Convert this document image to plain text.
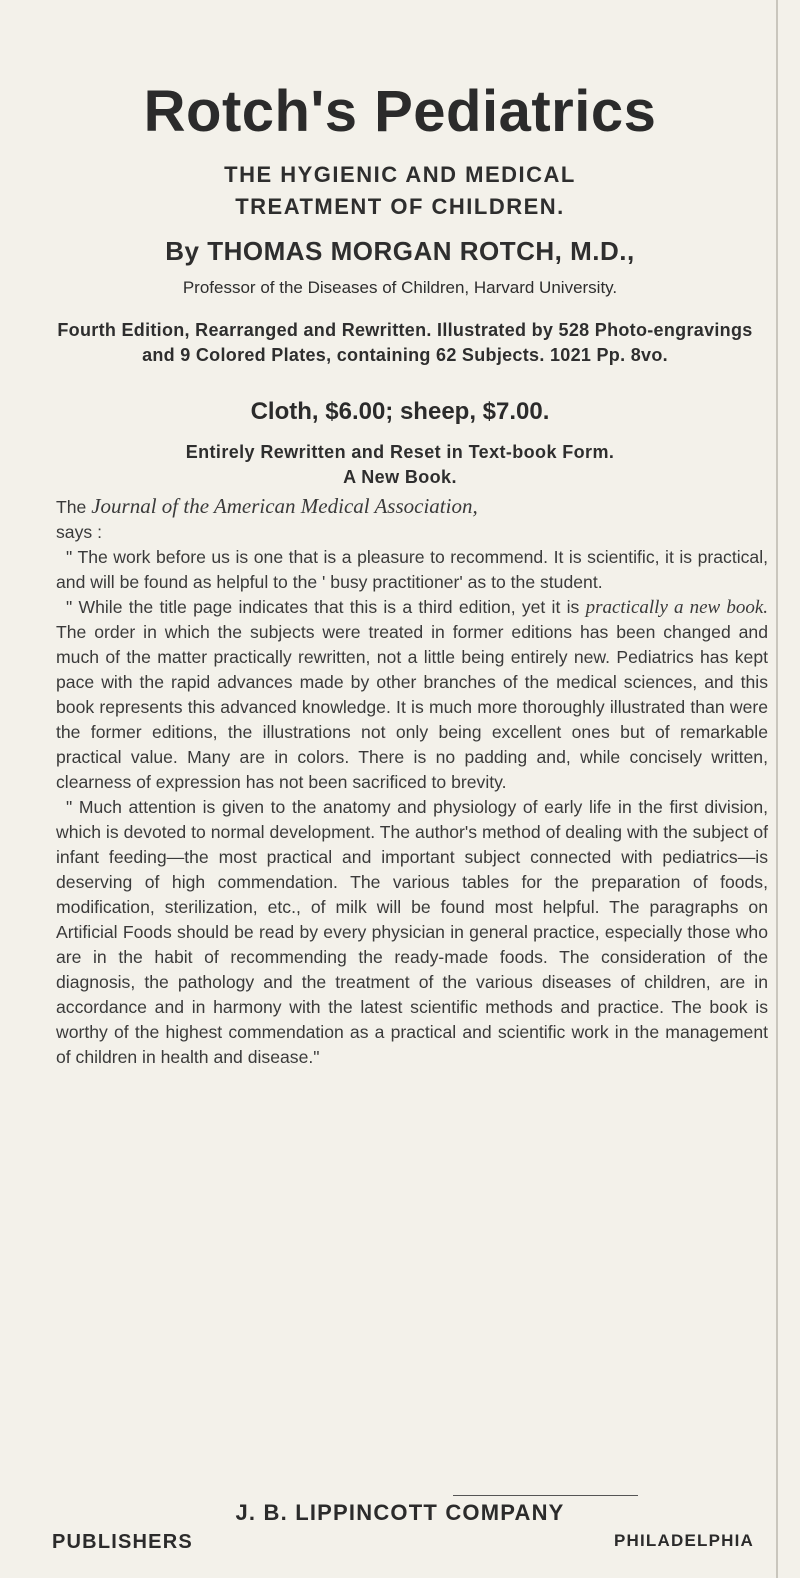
Rotch's Pediatrics
THE HYGIENIC AND MEDICAL
TREATMENT OF CHILDREN.
By THOMAS MORGAN ROTCH, M.D.,
Professor of the Diseases of Children, Harvard University.
Fourth Edition, Rearranged and Rewritten. Illustrated by 528 Photo-engravings and 9 Colored Plates, containing 62 Subjects. 1021 Pp. 8vo.
Cloth, $6.00; sheep, $7.00.
Entirely Rewritten and Reset in Text-book Form.
A New Book.

The Journal of the American Medical Association,

says :

" The work before us is one that is a pleasure to recommend. It is scientific, it is practical, and will be found as helpful to the ' busy practitioner' as to the student.

" While the title page indicates that this is a third edition, yet it is practically a new book. The order in which the subjects were treated in former editions has been changed and much of the matter practically rewritten, not a little being entirely new. Pediatrics has kept pace with the rapid advances made by other branches of the medical sciences, and this book represents this advanced knowledge. It is much more thoroughly illustrated than were the former editions, the illustrations not only being excellent ones but of remarkable practical value. Many are in colors. There is no padding and, while concisely written, clearness of expression has not been sacrificed to brevity.

" Much attention is given to the anatomy and physiology of early life in the first division, which is devoted to normal development. The author's method of dealing with the subject of infant feeding—the most practical and important subject connected with pediatrics—is deserving of high commendation. The various tables for the preparation of foods, modification, sterilization, etc., of milk will be found most helpful. The paragraphs on Artificial Foods should be read by every physician in general practice, especially those who are in the habit of recommending the ready-made foods. The consideration of the diagnosis, the pathology and the treatment of the various diseases of children, are in accordance and in harmony with the latest scientific methods and practice. The book is worthy of the highest commendation as a practical and scientific work in the management of children in health and disease."

J. B. LIPPINCOTT COMPANY
PUBLISHERS	PHILADELPHIA
